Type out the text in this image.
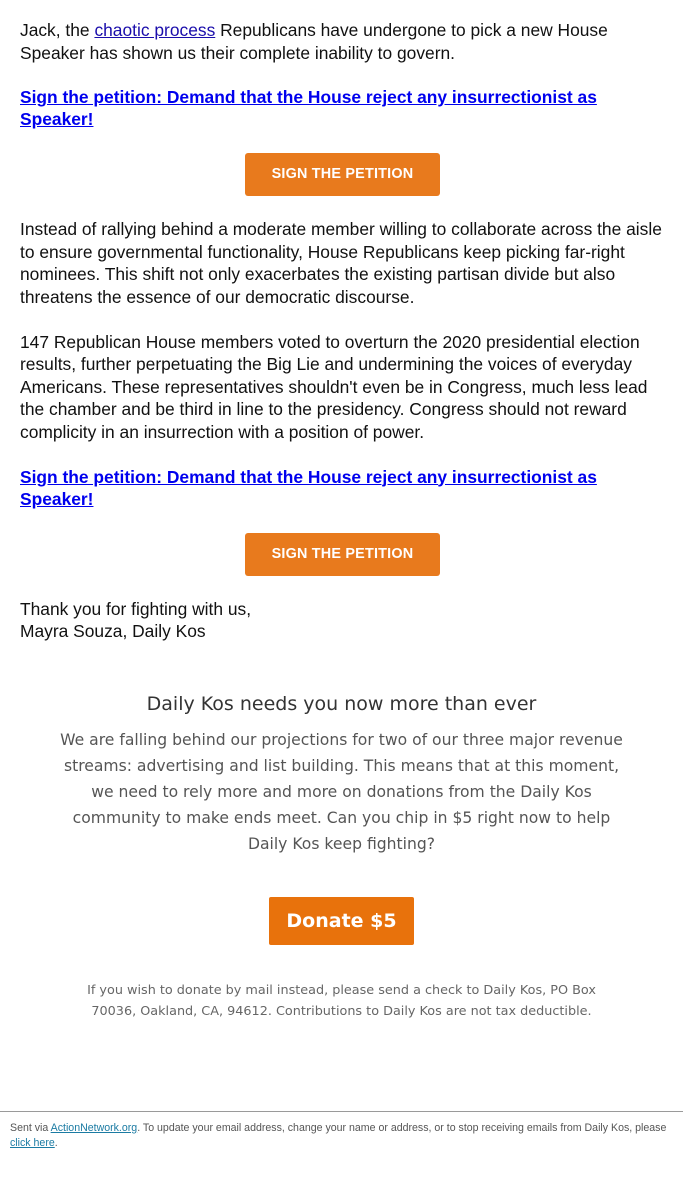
Jack, the chaotic process Republicans have undergone to pick a new House Speaker has shown us their complete inability to govern.

Sign the petition: Demand that the House reject any insurrectionist as Speaker!
SIGN THE PETITION

Instead of rallying behind a moderate member willing to collaborate across the aisle to ensure governmental functionality, House Republicans keep picking far-right nominees. This shift not only exacerbates the existing partisan divide but also threatens the essence of our democratic discourse.

147 Republican House members voted to overturn the 2020 presidential election results, further perpetuating the Big Lie and undermining the voices of everyday Americans. These representatives shouldn't even be in Congress, much less lead the chamber and be third in line to the presidency. Congress should not reward complicity in an insurrection with a position of power.

Sign the petition: Demand that the House reject any insurrectionist as Speaker!
SIGN THE PETITION

Thank you for fighting with us,
Mayra Souza, Daily Kos

Daily Kos needs you now more than ever
We are falling behind our projections for two of our three major revenue streams: advertising and list building. This means that at this moment, we need to rely more and more on donations from the Daily Kos community to make ends meet. Can you chip in $5 right now to help Daily Kos keep fighting?
Donate $5
If you wish to donate by mail instead, please send a check to Daily Kos, PO Box 70036, Oakland, CA, 94612. Contributions to Daily Kos are not tax deductible.
Sent via ActionNetwork.org. To update your email address, change your name or address, or to stop receiving emails from Daily Kos, please click here.
